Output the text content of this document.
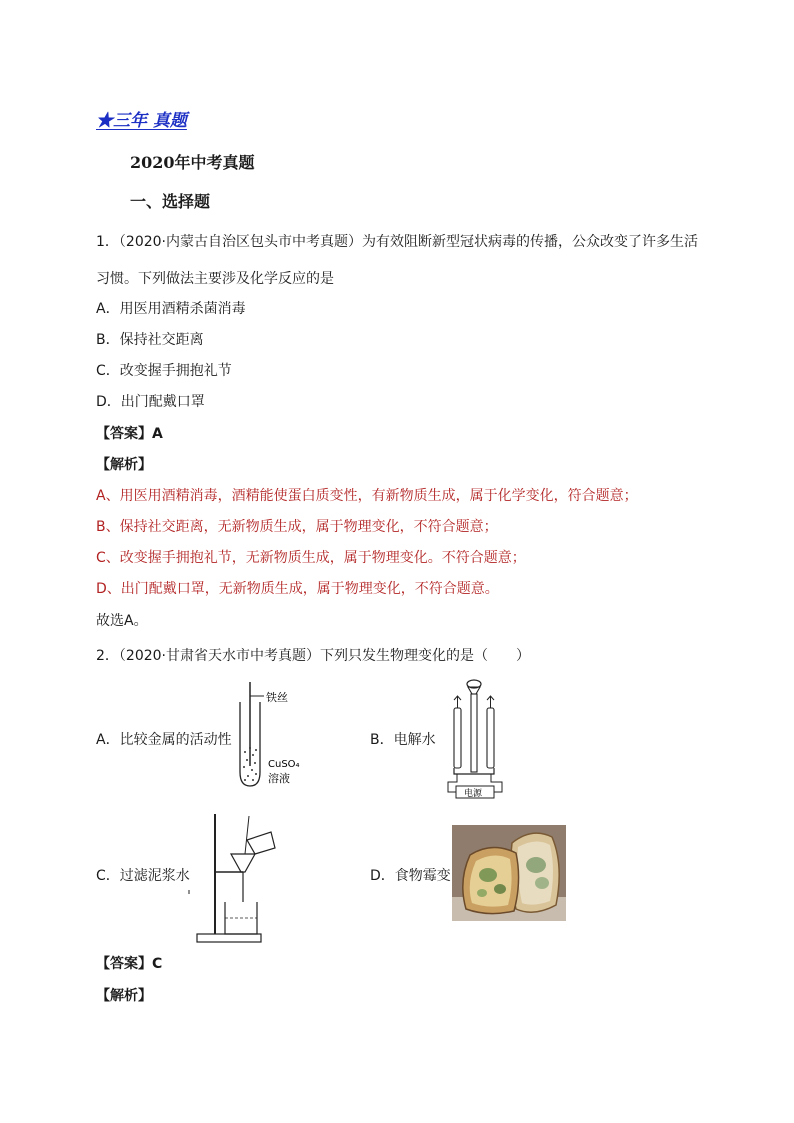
★三年 真题
2020年中考真题
一、选择题
1．（2020·内蒙古自治区包头市中考真题）为有效阻断新型冠状病毒的传播，公众改变了许多生活
习惯。下列做法主要涉及化学反应的是
A．用医用酒精杀菌消毒
B．保持社交距离
C．改变握手拥抱礼节
D．出门配戴口罩
【答案】A
【解析】
A、用医用酒精消毒，酒精能使蛋白质变性，有新物质生成，属于化学变化，符合题意；
B、保持社交距离，无新物质生成，属于物理变化，不符合题意；
C、改变握手拥抱礼节，无新物质生成，属于物理变化。不符合题意；
D、出门配戴口罩，无新物质生成，属于物理变化，不符合题意。
故选A。
2．（2020·甘肃省天水市中考真题）下列只发生物理变化的是（　　）
A．比较金属的活动性	B．电解水
C．过滤泥浆水	D．食物霉变
铁丝
CuSO₄
溶液
电源
【答案】C
【解析】
